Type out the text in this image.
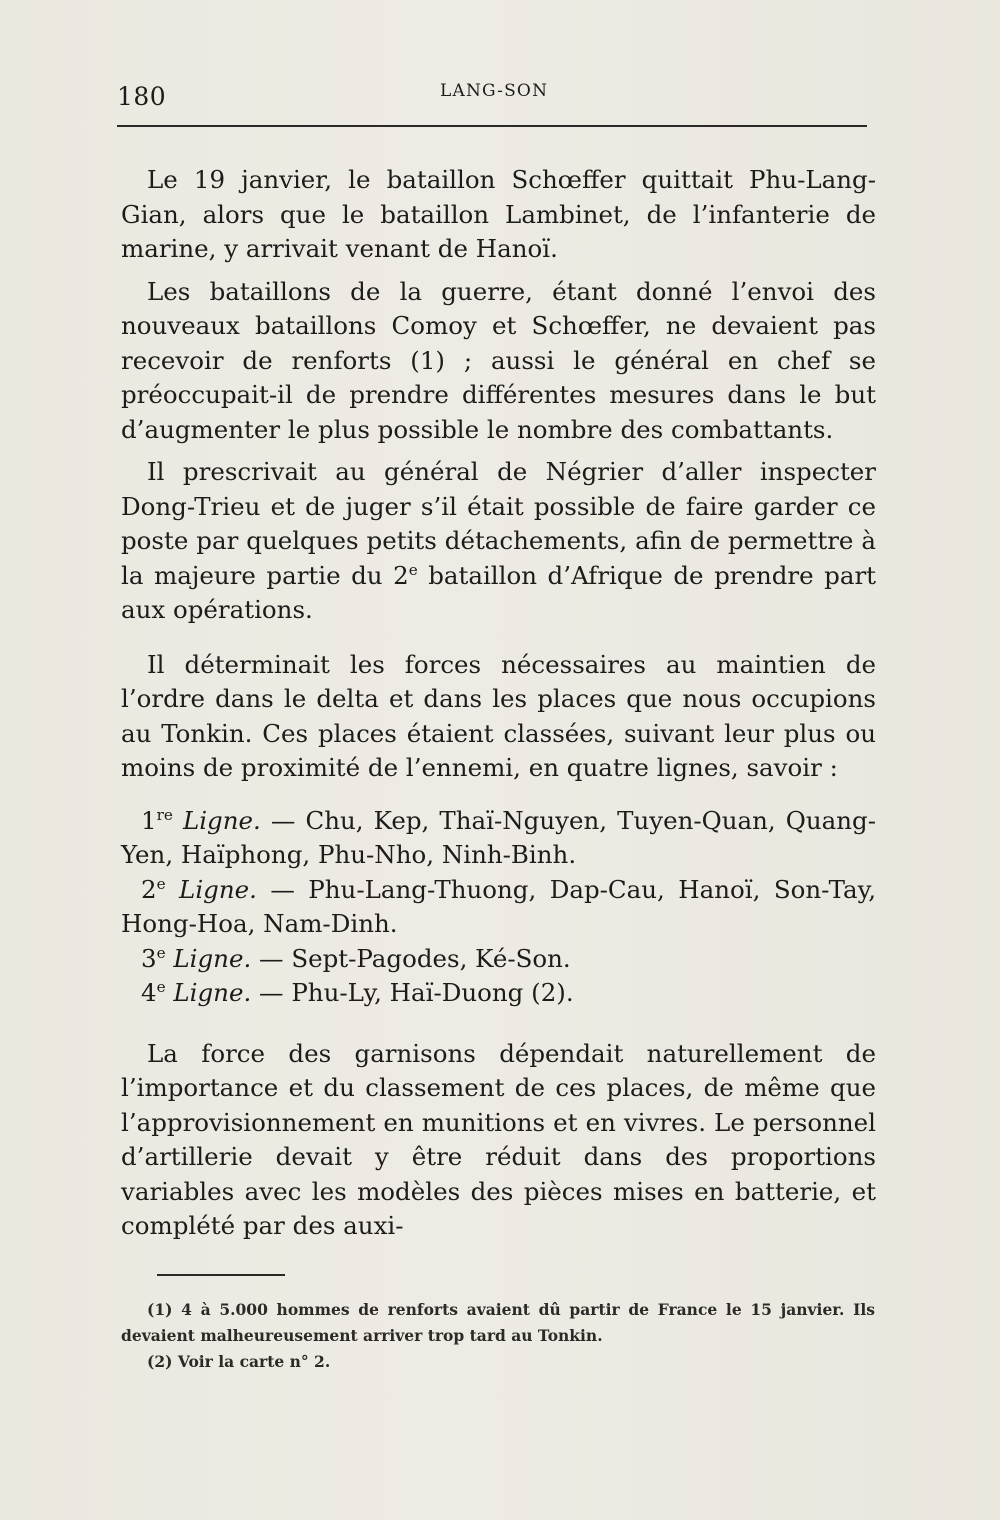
180	LANG-SON

Le 19 janvier, le bataillon Schœffer quittait Phu-Lang-Gian, alors que le bataillon Lambinet, de l’infanterie de marine, y arrivait venant de Hanoï.

Les bataillons de la guerre, étant donné l’envoi des nouveaux bataillons Comoy et Schœffer, ne devaient pas recevoir de renforts (1) ; aussi le général en chef se préoccupait-il de prendre différentes mesures dans le but d’augmenter le plus possible le nombre des combattants.

Il prescrivait au général de Négrier d’aller inspecter Dong-Trieu et de juger s’il était possible de faire garder ce poste par quelques petits détachements, afin de permettre à la majeure partie du 2e bataillon d’Afrique de prendre part aux opérations.

Il déterminait les forces nécessaires au maintien de l’ordre dans le delta et dans les places que nous occupions au Tonkin. Ces places étaient classées, suivant leur plus ou moins de proximité de l’ennemi, en quatre lignes, savoir :

1re Ligne. — Chu, Kep, Thaï-Nguyen, Tuyen-Quan, Quang-Yen, Haïphong, Phu-Nho, Ninh-Binh.

2e Ligne. — Phu-Lang-Thuong, Dap-Cau, Hanoï, Son-Tay, Hong-Hoa, Nam-Dinh.

3e Ligne. — Sept-Pagodes, Ké-Son.

4e Ligne. — Phu-Ly, Haï-Duong (2).

La force des garnisons dépendait naturellement de l’importance et du classement de ces places, de même que l’approvisionnement en munitions et en vivres. Le personnel d’artillerie devait y être réduit dans des proportions variables avec les modèles des pièces mises en batterie, et complété par des auxi-

(1) 4 à 5.000 hommes de renforts avaient dû partir de France le 15 janvier. Ils devaient malheureusement arriver trop tard au Tonkin.

(2) Voir la carte n° 2.
